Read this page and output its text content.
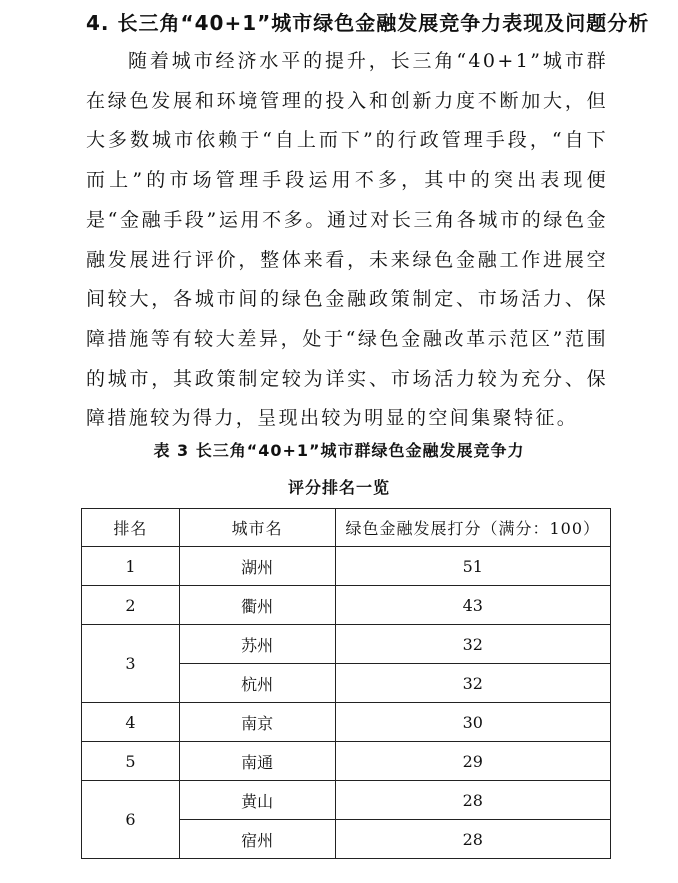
4. 长三角“40+1”城市绿色金融发展竞争力表现及问题分析

随着城市经济水平的提升，长三角“40+1”城市群在绿色发展和环境管理的投入和创新力度不断加大，但大多数城市依赖于“自上而下”的行政管理手段，“自下而上”的市场管理手段运用不多，其中的突出表现便是“金融手段”运用不多。通过对长三角各城市的绿色金融发展进行评价，整体来看，未来绿色金融工作进展空间较大，各城市间的绿色金融政策制定、市场活力、保障措施等有较大差异，处于“绿色金融改革示范区”范围的城市，其政策制定较为详实、市场活力较为充分、保障措施较为得力，呈现出较为明显的空间集聚特征。

表 3 长三角“40+1”城市群绿色金融发展竞争力
评分排名一览
排名	城市名	绿色金融发展打分（满分：100）
1	湖州	51
2	衢州	43
3	苏州	32
	杭州	32
4	南京	30
5	南通	29
6	黄山	28
	宿州	28
